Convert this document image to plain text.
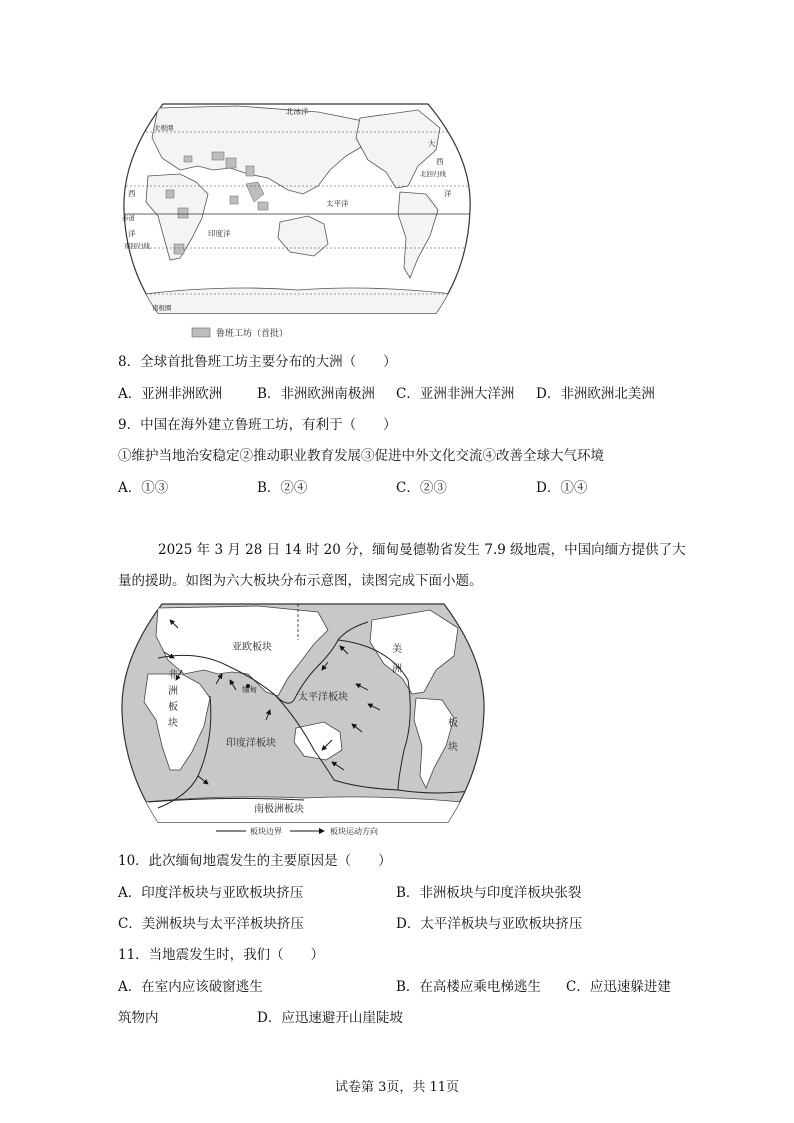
北冰洋
北极圈
太平洋
印度洋
大
西
北回归线
洋
西
赤道
洋
南回归线
南极圈
鲁班工坊（首批）
8．全球首批鲁班工坊主要分布的大洲（　　）
A．亚洲非洲欧洲	B．非洲欧洲南极洲 C．亚洲非洲大洋洲 D．非洲欧洲北美洲
9．中国在海外建立鲁班工坊，有利于（　　）
①维护当地治安稳定②推动职业教育发展③促进中外文化交流④改善全球大气环境
A．①③	B．②④	C．②③	D．①④
2025 年 3 月 28 日 14 时 20 分，缅甸曼德勒省发生 7.9 级地震，中国向缅方提供了大
量的援助。如图为六大板块分布示意图，读图完成下面小题。
亚欧板块
非
洲
板
块
缅甸
太平洋板块
印度洋板块
美
洲
板
块
南极洲板块
板块边界	板块运动方向
10．此次缅甸地震发生的主要原因是（　　）
A．印度洋板块与亚欧板块挤压	B．非洲板块与印度洋板块张裂
C．美洲板块与太平洋板块挤压	D．太平洋板块与亚欧板块挤压
11．当地震发生时，我们（　　）
A．在室内应该破窗逃生	B．在高楼应乘电梯逃生 C．应迅速躲进建
筑物内	D．应迅速避开山崖陡坡
试卷第 3页，共 11页
